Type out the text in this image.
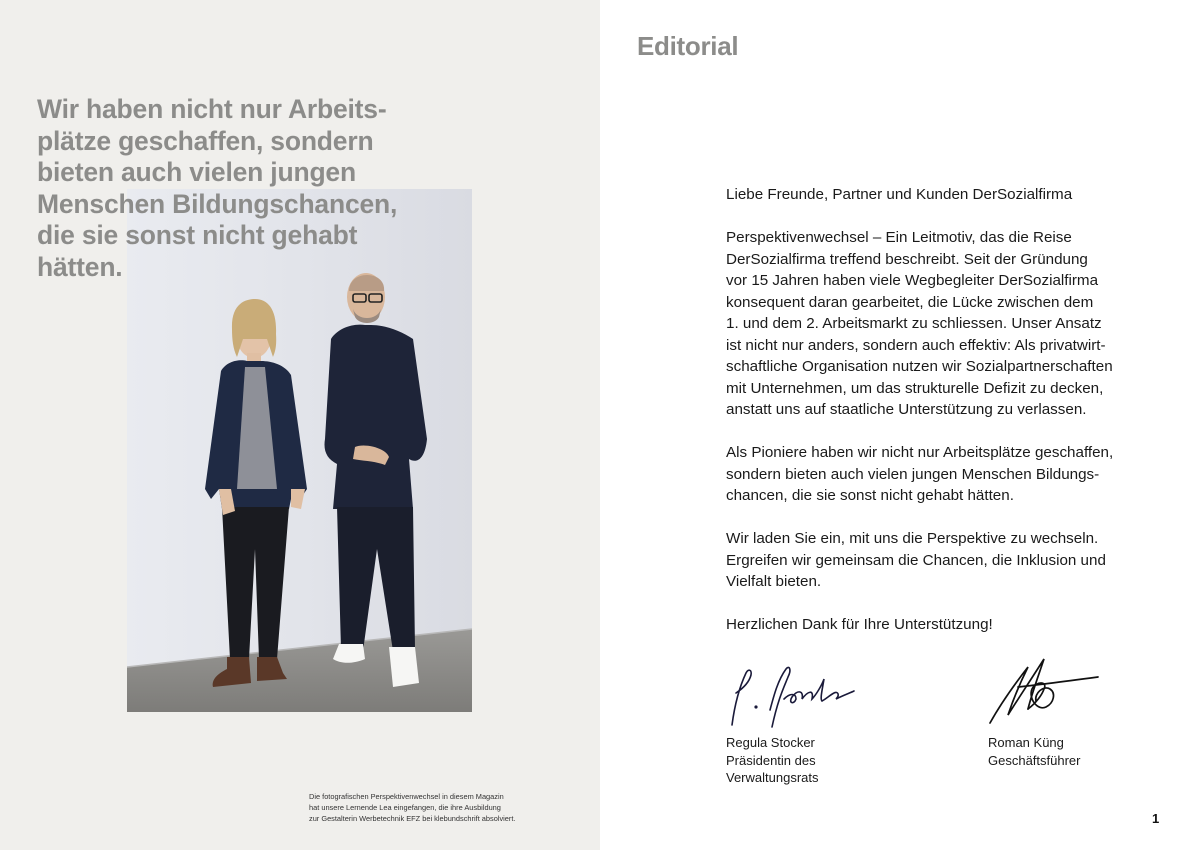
Wir haben nicht nur Arbeits-
plätze geschaffen, sondern
bieten auch vielen jungen
Menschen Bildungschancen,
die sie sonst nicht gehabt
hätten.
Die fotografischen Perspektivenwechsel in diesem Magazin
hat unsere Lernende Lea eingefangen, die ihre Ausbildung
zur Gestalterin Werbetechnik EFZ bei klebundschrift absolviert.
Editorial

Liebe Freunde, Partner und Kunden DerSozialfirma

Perspektivenwechsel – Ein Leitmotiv, das die Reise
DerSozialfirma treffend beschreibt. Seit der Gründung
vor 15 Jahren haben viele Wegbegleiter DerSozialfirma
konsequent daran gearbeitet, die Lücke zwischen dem
1. und dem 2. Arbeitsmarkt zu schliessen. Unser Ansatz
ist nicht nur anders, sondern auch effektiv: Als privatwirt-
schaftliche Organisation nutzen wir Sozialpartnerschaften
mit Unternehmen, um das strukturelle Defizit zu decken,
anstatt uns auf staatliche Unterstützung zu verlassen.

Als Pioniere haben wir nicht nur Arbeitsplätze geschaffen,
sondern bieten auch vielen jungen Menschen Bildungs-
chancen, die sie sonst nicht gehabt hätten.

Wir laden Sie ein, mit uns die Perspektive zu wechseln.
Ergreifen wir gemeinsam die Chancen, die Inklusion und
Vielfalt bieten.

Herzlichen Dank für Ihre Unterstützung!

Regula Stocker
Präsidentin des
Verwaltungsrats
Roman Küng
Geschäftsführer
1
